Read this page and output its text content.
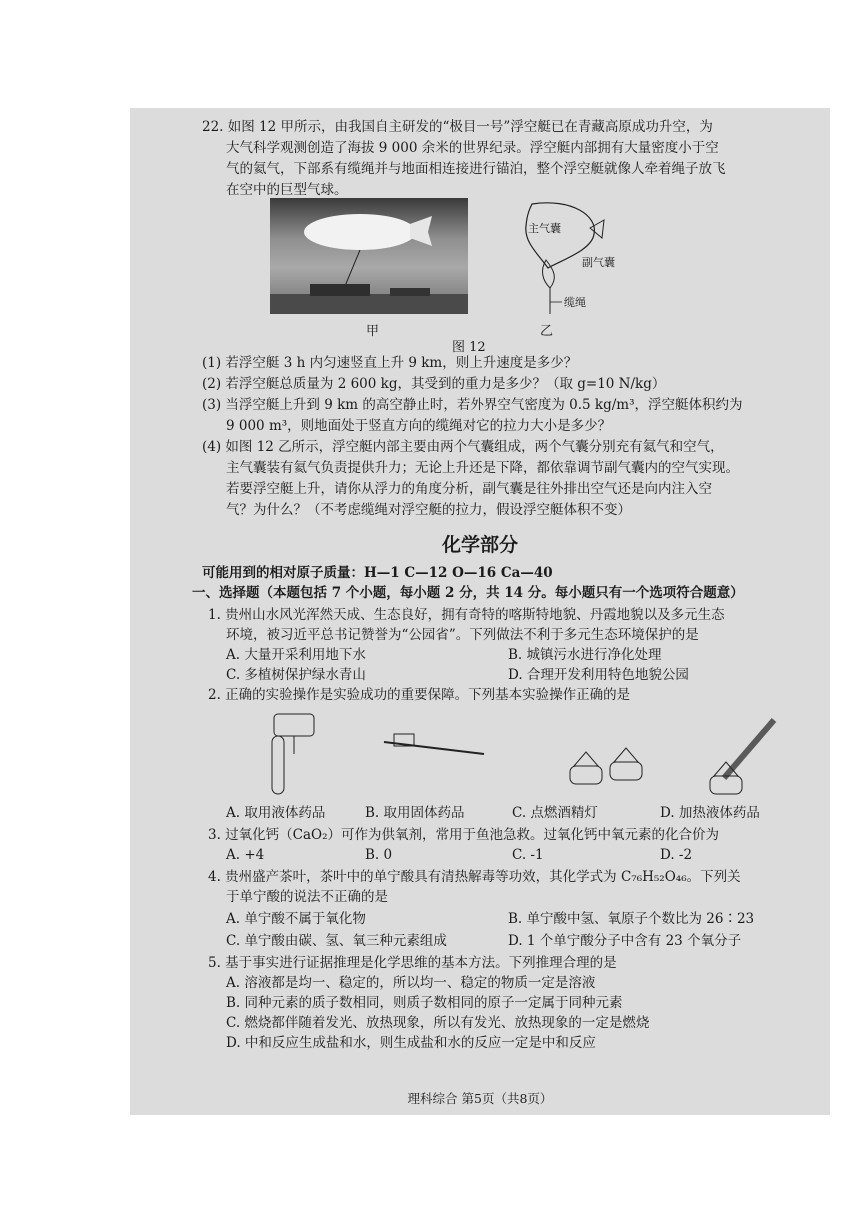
22. 如图 12 甲所示，由我国自主研发的“极目一号”浮空艇已在青藏高原成功升空，为
大气科学观测创造了海拔 9 000 余米的世界纪录。浮空艇内部拥有大量密度小于空
气的氦气，下部系有缆绳并与地面相连接进行锚泊，整个浮空艇就像人牵着绳子放飞
在空中的巨型气球。
甲
主气囊
副气囊
缆绳
乙
图 12
(1) 若浮空艇 3 h 内匀速竖直上升 9 km，则上升速度是多少？
(2) 若浮空艇总质量为 2 600 kg，其受到的重力是多少？（取 g=10 N/kg）
(3) 当浮空艇上升到 9 km 的高空静止时，若外界空气密度为 0.5 kg/m³，浮空艇体积约为
9 000 m³，则地面处于竖直方向的缆绳对它的拉力大小是多少？
(4) 如图 12 乙所示，浮空艇内部主要由两个气囊组成，两个气囊分别充有氦气和空气，
主气囊装有氦气负责提供升力；无论上升还是下降，都依靠调节副气囊内的空气实现。
若要浮空艇上升，请你从浮力的角度分析，副气囊是往外排出空气还是向内注入空
气？为什么？（不考虑缆绳对浮空艇的拉力，假设浮空艇体积不变）
化学部分
可能用到的相对原子质量：H—1 C—12 O—16 Ca—40
一、选择题（本题包括 7 个小题，每小题 2 分，共 14 分。每小题只有一个选项符合题意）
1. 贵州山水风光浑然天成、生态良好，拥有奇特的喀斯特地貌、丹霞地貌以及多元生态
环境，被习近平总书记赞誉为“公园省”。下列做法不利于多元生态环境保护的是
A. 大量开采利用地下水	B. 城镇污水进行净化处理
C. 多植树保护绿水青山	D. 合理开发利用特色地貌公园
2. 正确的实验操作是实验成功的重要保障。下列基本实验操作正确的是
A. 取用液体药品	B. 取用固体药品	C. 点燃酒精灯	D. 加热液体药品
3. 过氧化钙（CaO₂）可作为供氧剂，常用于鱼池急救。过氧化钙中氧元素的化合价为
A. +4	B. 0	C. -1	D. -2
4. 贵州盛产茶叶，茶叶中的单宁酸具有清热解毒等功效，其化学式为 C₇₆H₅₂O₄₆。下列关
于单宁酸的说法不正确的是
A. 单宁酸不属于氧化物	B. 单宁酸中氢、氧原子个数比为 26∶23
C. 单宁酸由碳、氢、氧三种元素组成	D. 1 个单宁酸分子中含有 23 个氧分子
5. 基于事实进行证据推理是化学思维的基本方法。下列推理合理的是
A. 溶液都是均一、稳定的，所以均一、稳定的物质一定是溶液
B. 同种元素的质子数相同，则质子数相同的原子一定属于同种元素
C. 燃烧都伴随着发光、放热现象，所以有发光、放热现象的一定是燃烧
D. 中和反应生成盐和水，则生成盐和水的反应一定是中和反应
理科综合 第5页（共8页）
